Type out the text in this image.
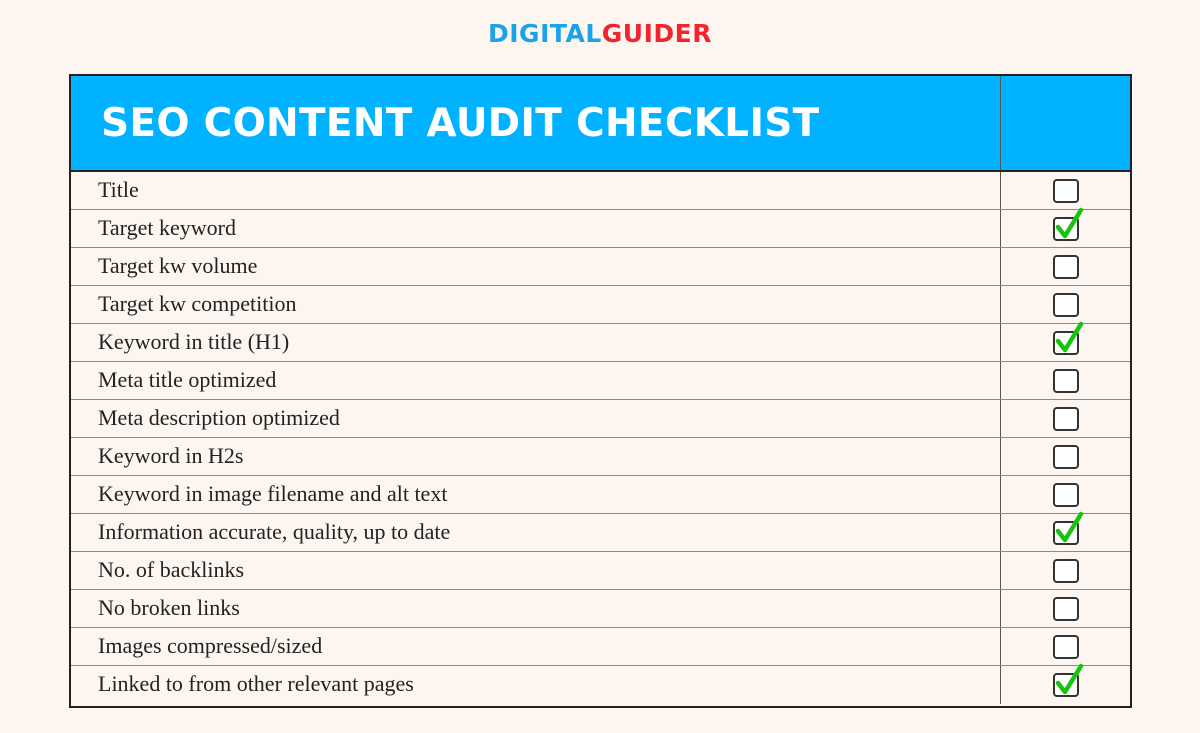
DIGITALGUIDER
SEO CONTENT AUDIT CHECKLIST
Title
Target keyword
Target kw volume
Target kw competition
Keyword in title (H1)
Meta title optimized
Meta description optimized
Keyword in H2s
Keyword in image filename and alt text
Information accurate, quality, up to date
No. of backlinks
No broken links
Images compressed/sized
Linked to from other relevant pages
